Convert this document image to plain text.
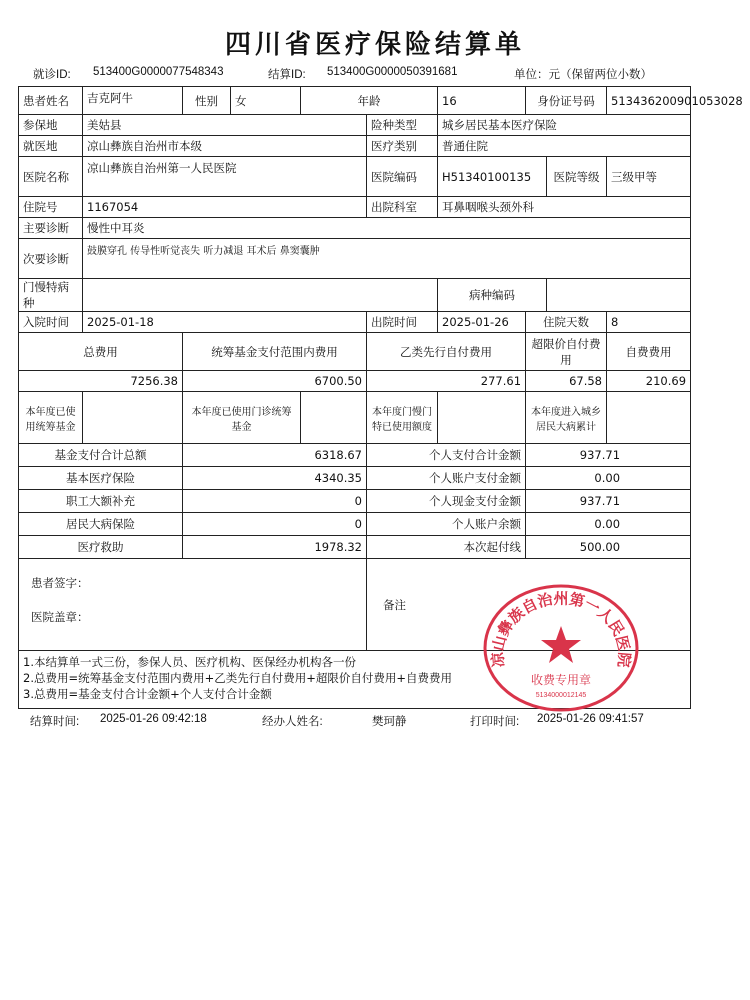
四川省医疗保险结算单
就诊ID: 513400G0000077548343	结算ID: 513400G0000050391681	单位：元（保留两位小数）
患者姓名	吉克阿牛	性别	女	年龄		16	身份证号码		513436200901053028
参保地	美姑县				险种类型	城乡居民基本医疗保险			
就医地	凉山彝族自治州市本级				医疗类别	普通住院			
医院名称	凉山彝族自治州第一人民医院				医院编码	H51340100135		医院等级	三级甲等
住院号	1167054				出院科室	耳鼻咽喉头颈外科			
主要诊断	慢性中耳炎								
次要诊断	鼓膜穿孔 传导性听觉丧失 听力减退 耳术后 鼻窦囊肿								
门慢特病种						病种编码			
入院时间	2025-01-18				出院时间	2025-01-26	住院天数		8
总费用		统筹基金支付范围内费用			乙类先行自付费用		超限价自付费用		自费费用
7256.38		6700.50			277.61		67.58		210.69
本年度已使用统筹基金		本年度已使用门诊统筹基金			本年度门慢门特已使用额度		本年度进入城乡居民大病累计		
基金支付合计总额		6318.67			个人支付合计金额		937.71		
基本医疗保险		4340.35			个人账户支付金额		0.00		
职工大额补充		0			个人现金支付金额		937.71		
居民大病保险		0			个人账户余额		0.00		
医疗救助		1978.32			本次起付线		500.00		

患者签字：
医院盖章：					备注				

1.本结算单一式三份，参保人员、医疗机构、医保经办机构各一份
2.总费用=统筹基金支付范围内费用+乙类先行自付费用+超限价自付费用+自费费用
3.总费用=基金支付合计金额+个人支付合计金额									
凉山彝族自治州第一人民医院
收费专用章
5134000012145
结算时间: 2025-01-26 09:42:18	经办人姓名:	樊珂静	打印时间: 2025-01-26 09:41:57
